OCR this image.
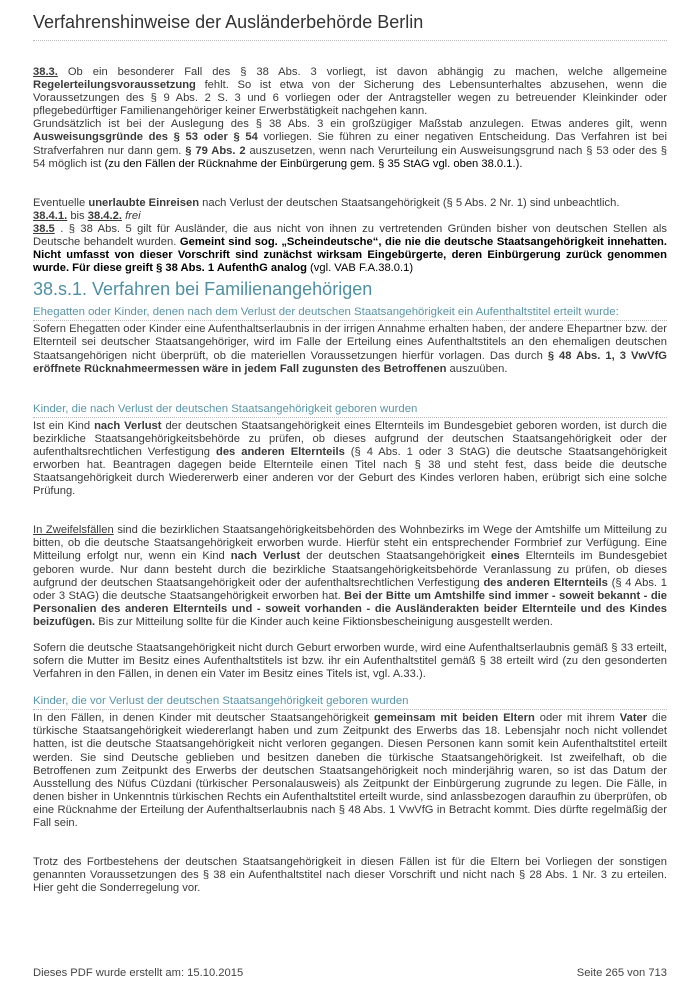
Verfahrenshinweise der Ausländerbehörde Berlin

38.3. Ob ein besonderer Fall des § 38 Abs. 3 vorliegt, ist davon abhängig zu machen, welche allgemeine Regelerteilungsvoraussetzung fehlt. So ist etwa von der Sicherung des Lebensunterhaltes abzusehen, wenn die Voraussetzungen des § 9 Abs. 2 S. 3 und 6 vorliegen oder der Antragsteller wegen zu betreuender Kleinkinder oder pflegebedürftiger Familienangehöriger keiner Erwerbstätigkeit nachgehen kann.

Grundsätzlich ist bei der Auslegung des § 38 Abs. 3 ein großzügiger Maßstab anzulegen. Etwas anderes gilt, wenn Ausweisungsgründe des § 53 oder § 54 vorliegen. Sie führen zu einer negativen Entscheidung. Das Verfahren ist bei Strafverfahren nur dann gem. § 79 Abs. 2 auszusetzen, wenn nach Verurteilung ein Ausweisungsgrund nach § 53 oder des § 54 möglich ist (zu den Fällen der Rücknahme der Einbürgerung gem. § 35 StAG vgl. oben 38.0.1.).

Eventuelle unerlaubte Einreisen nach Verlust der deutschen Staatsangehörigkeit (§ 5 Abs. 2 Nr. 1) sind unbeachtlich.

38.4.1. bis 38.4.2. frei

38.5 . § 38 Abs. 5 gilt für Ausländer, die aus nicht von ihnen zu vertretenden Gründen bisher von deutschen Stellen als Deutsche behandelt wurden. Gemeint sind sog. „Scheindeutsche“, die nie die deutsche Staatsangehörigkeit innehatten. Nicht umfasst von dieser Vorschrift sind zunächst wirksam Eingebürgerte, deren Einbürgerung zurück genommen wurde. Für diese greift § 38 Abs. 1 AufenthG analog (vgl. VAB F.A.38.0.1)

38.s.1. Verfahren bei Familienangehörigen
Ehegatten oder Kinder, denen nach dem Verlust der deutschen Staatsangehörigkeit ein Aufenthaltstitel erteilt wurde:

Sofern Ehegatten oder Kinder eine Aufenthaltserlaubnis in der irrigen Annahme erhalten haben, der andere Ehepartner bzw. der Elternteil sei deutscher Staatsangehöriger, wird im Falle der Erteilung eines Aufenthaltstitels an den ehemaligen deutschen Staatsangehörigen nicht überprüft, ob die materiellen Voraussetzungen hierfür vorlagen. Das durch § 48 Abs. 1, 3 VwVfG eröffnete Rücknahmeermessen wäre in jedem Fall zugunsten des Betroffenen auszuüben.

Kinder, die nach Verlust der deutschen Staatsangehörigkeit geboren wurden

Ist ein Kind nach Verlust der deutschen Staatsangehörigkeit eines Elternteils im Bundesgebiet geboren worden, ist durch die bezirkliche Staatsangehörigkeitsbehörde zu prüfen, ob dieses aufgrund der deutschen Staatsangehörigkeit oder der aufenthaltsrechtlichen Verfestigung des anderen Elternteils (§ 4 Abs. 1 oder 3 StAG) die deutsche Staatsangehörigkeit erworben hat. Beantragen dagegen beide Elternteile einen Titel nach § 38 und steht fest, dass beide die deutsche Staatsangehörigkeit durch Wiedererwerb einer anderen vor der Geburt des Kindes verloren haben, erübrigt sich eine solche Prüfung.

In Zweifelsfällen sind die bezirklichen Staatsangehörigkeitsbehörden des Wohnbezirks im Wege der Amtshilfe um Mitteilung zu bitten, ob die deutsche Staatsangehörigkeit erworben wurde. Hierfür steht ein entsprechender Formbrief zur Verfügung. Eine Mitteilung erfolgt nur, wenn ein Kind nach Verlust der deutschen Staatsangehörigkeit eines Elternteils im Bundesgebiet geboren wurde. Nur dann besteht durch die bezirkliche Staatsangehörigkeitsbehörde Veranlassung zu prüfen, ob dieses aufgrund der deutschen Staatsangehörigkeit oder der aufenthaltsrechtlichen Verfestigung des anderen Elternteils (§ 4 Abs. 1 oder 3 StAG) die deutsche Staatsangehörigkeit erworben hat. Bei der Bitte um Amtshilfe sind immer - soweit bekannt - die Personalien des anderen Elternteils und - soweit vorhanden - die Ausländerakten beider Elternteile und des Kindes beizufügen. Bis zur Mitteilung sollte für die Kinder auch keine Fiktionsbescheinigung ausgestellt werden.

Sofern die deutsche Staatsangehörigkeit nicht durch Geburt erworben wurde, wird eine Aufenthaltserlaubnis gemäß § 33 erteilt, sofern die Mutter im Besitz eines Aufenthaltstitels ist bzw. ihr ein Aufenthaltstitel gemäß § 38 erteilt wird (zu den gesonderten Verfahren in den Fällen, in denen ein Vater im Besitz eines Titels ist, vgl. A.33.).

Kinder, die vor Verlust der deutschen Staatsangehörigkeit geboren wurden

In den Fällen, in denen Kinder mit deutscher Staatsangehörigkeit gemeinsam mit beiden Eltern oder mit ihrem Vater die türkische Staatsangehörigkeit wiedererlangt haben und zum Zeitpunkt des Erwerbs das 18. Lebensjahr noch nicht vollendet hatten, ist die deutsche Staatsangehörigkeit nicht verloren gegangen. Diesen Personen kann somit kein Aufenthaltstitel erteilt werden. Sie sind Deutsche geblieben und besitzen daneben die türkische Staatsangehörigkeit. Ist zweifelhaft, ob die Betroffenen zum Zeitpunkt des Erwerbs der deutschen Staatsangehörigkeit noch minderjährig waren, so ist das Datum der Ausstellung des Nüfus Cüzdani (türkischer Personalausweis) als Zeitpunkt der Einbürgerung zugrunde zu legen. Die Fälle, in denen bisher in Unkenntnis türkischen Rechts ein Aufenthaltstitel erteilt wurde, sind anlassbezogen daraufhin zu überprüfen, ob eine Rücknahme der Erteilung der Aufenthaltserlaubnis nach § 48 Abs. 1 VwVfG in Betracht kommt. Dies dürfte regelmäßig der Fall sein.

Trotz des Fortbestehens der deutschen Staatsangehörigkeit in diesen Fällen ist für die Eltern bei Vorliegen der sonstigen genannten Voraussetzungen des § 38 ein Aufenthaltstitel nach dieser Vorschrift und nicht nach § 28 Abs. 1 Nr. 3 zu erteilen. Hier geht die Sonderregelung vor.

Dieses PDF wurde erstellt am: 15.10.2015	Seite 265 von 713
